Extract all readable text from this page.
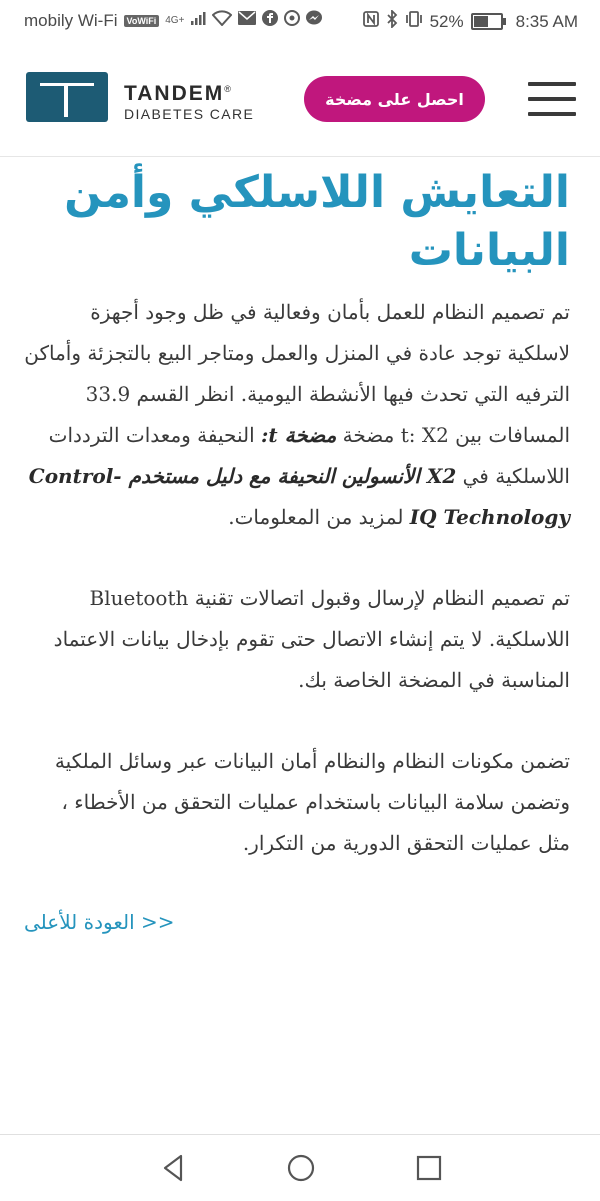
mobily Wi-Fi	VoWiFi 4G+	52%	8:35 AM
TANDEM®
DIABETES CARE
احصل على مضخة
التعايش اللاسلكي وأمن البيانات

تم تصميم النظام للعمل بأمان وفعالية في ظل وجود أجهزة لاسلكية توجد عادة في المنزل والعمل ومتاجر البيع بالتجزئة وأماكن الترفيه التي تحدث فيها الأنشطة اليومية. انظر القسم 33.9 المسافات بين t: X2 مضخة مضخة t: النحيفة ومعدات الترددات اللاسلكية في X2 الأنسولين النحيفة مع دليل مستخدم Control-IQ Technology لمزيد من المعلومات.

تم تصميم النظام لإرسال وقبول اتصالات تقنية Bluetooth اللاسلكية. لا يتم إنشاء الاتصال حتى تقوم بإدخال بيانات الاعتماد المناسبة في المضخة الخاصة بك.

تضمن مكونات النظام والنظام أمان البيانات عبر وسائل الملكية وتضمن سلامة البيانات باستخدام عمليات التحقق من الأخطاء ، مثل عمليات التحقق الدورية من التكرار.

<< العودة للأعلى
